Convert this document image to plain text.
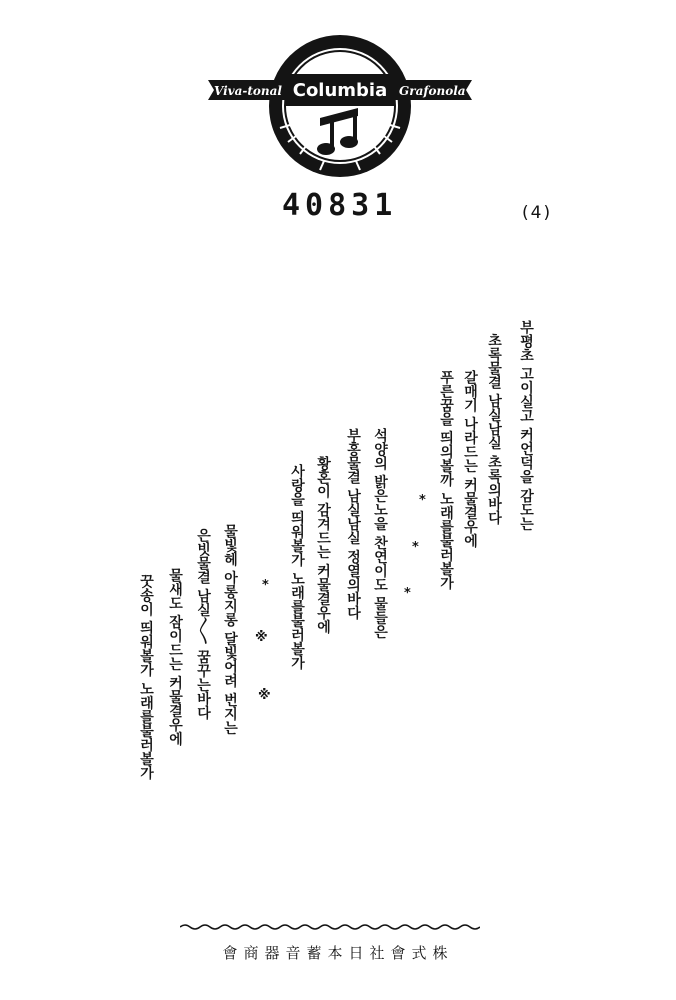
Viva-tonal Columbia Grafonola
40831	(4)
부평초 고이실고 커언덕을 감도는
초록물결 남실남실 초록의바다
갈매기 나라드는 커물결우에
푸른꿈을 띄의볼까 노래를불러볼가
*
*
*
석양의 밝은노을 찬연이도 물들은
부홍물결 남실남실 정열의바다
황혼이 감겨드는 커물결우에
사랑을 띄워볼가 노래를불러볼가
*
※
※
물빛헤 아롱지롱 달빛어려 번지는
은빗물결 남실〳〵 꿈꾸는바다
물새도 잠이드는 커물결우에
꿋송이 띄워볼가 노래를불러볼가
會商器音蓄本日社會式株
